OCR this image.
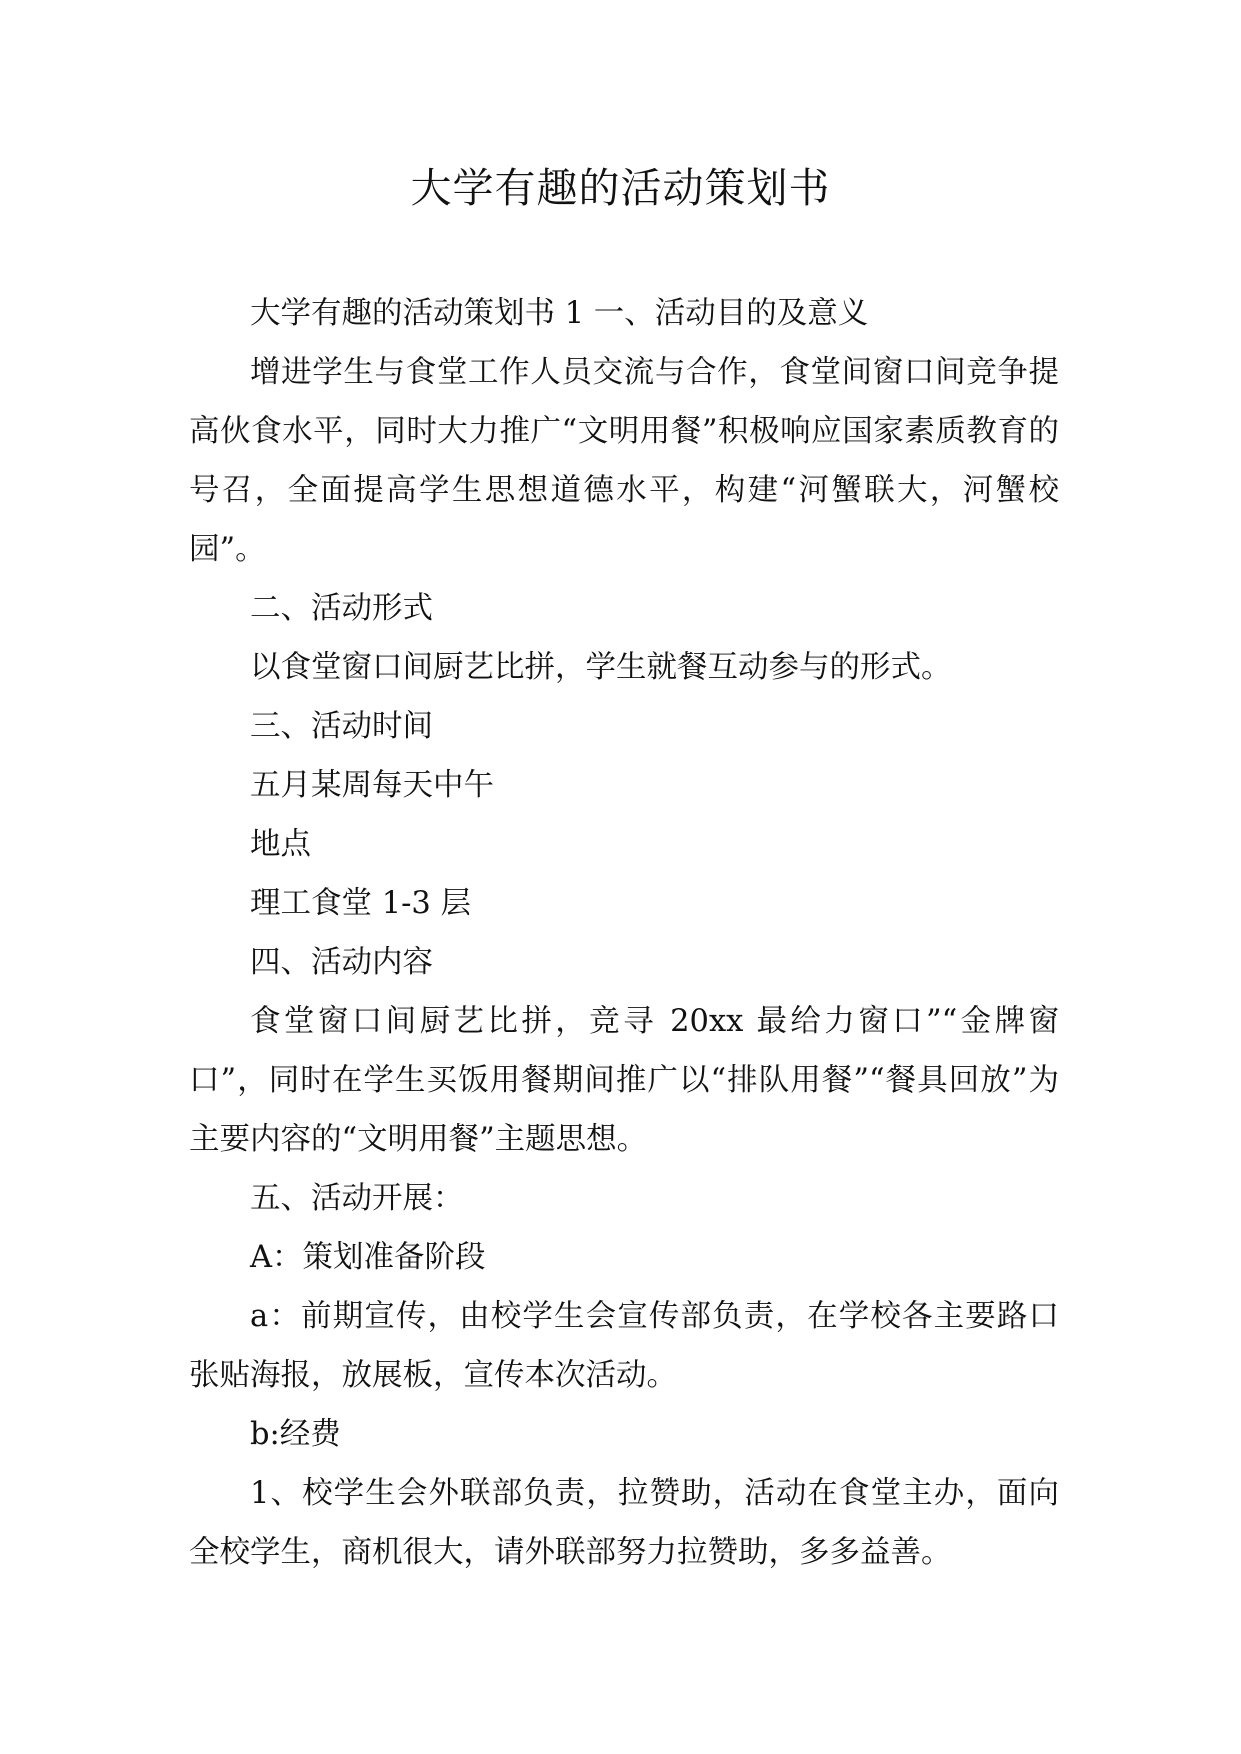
大学有趣的活动策划书

大学有趣的活动策划书 1 一、活动目的及意义

增进学生与食堂工作人员交流与合作，食堂间窗口间竞争提高伙食水平，同时大力推广“文明用餐”积极响应国家素质教育的号召，全面提高学生思想道德水平，构建“河蟹联大，河蟹校园”。

二、活动形式

以食堂窗口间厨艺比拼，学生就餐互动参与的形式。

三、活动时间

五月某周每天中午

地点

理工食堂 1-3 层

四、活动内容

食堂窗口间厨艺比拼，竞寻 20xx 最给力窗口”“金牌窗口”，同时在学生买饭用餐期间推广以“排队用餐”“餐具回放”为主要内容的“文明用餐”主题思想。

五、活动开展：

A：策划准备阶段

a：前期宣传，由校学生会宣传部负责，在学校各主要路口张贴海报，放展板，宣传本次活动。

b:经费

1、校学生会外联部负责，拉赞助，活动在食堂主办，面向全校学生，商机很大，请外联部努力拉赞助，多多益善。
